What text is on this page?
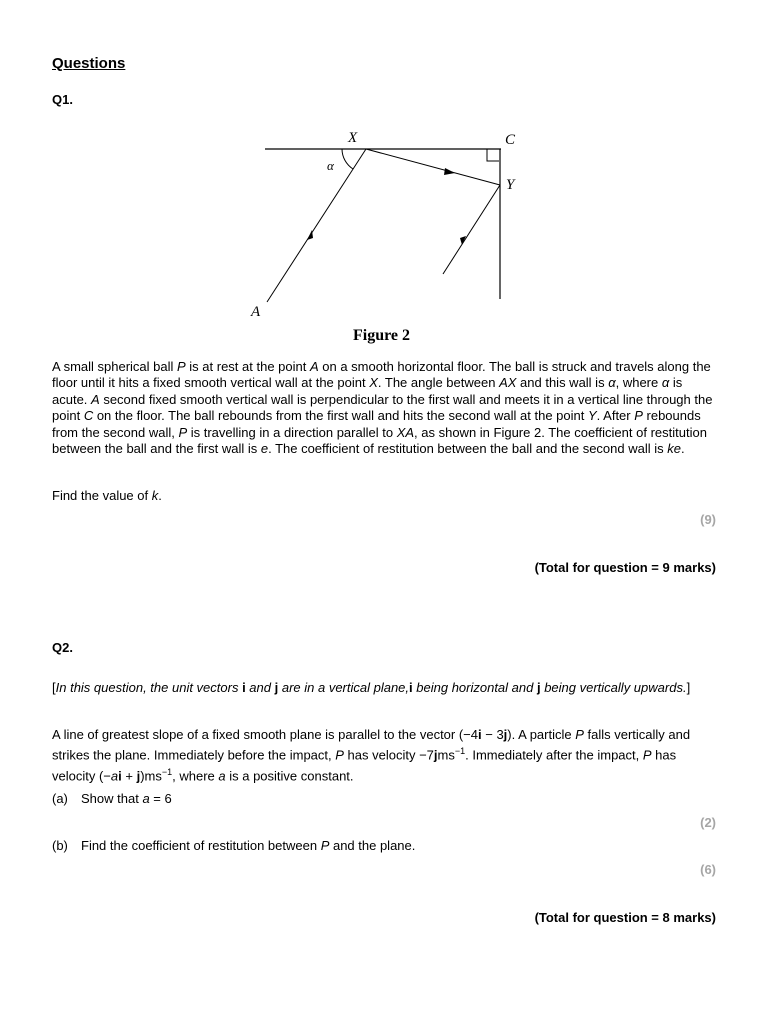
Questions
Q1.
X	C
Y
A
α
Figure 2
A small spherical ball P is at rest at the point A on a smooth horizontal floor. The ball is struck and travels along the floor until it hits a fixed smooth vertical wall at the point X. The angle between AX and this wall is α, where α is acute. A second fixed smooth vertical wall is perpendicular to the first wall and meets it in a vertical line through the point C on the floor. The ball rebounds from the first wall and hits the second wall at the point Y. After P rebounds from the second wall, P is travelling in a direction parallel to XA, as shown in Figure 2. The coefficient of restitution between the ball and the first wall is e. The coefficient of restitution between the ball and the second wall is ke.
Find the value of k.
(9)
(Total for question = 9 marks)
Q2.
[In this question, the unit vectors i and j are in a vertical plane,i being horizontal and j being vertically upwards.]
A line of greatest slope of a fixed smooth plane is parallel to the vector (−4i − 3j). A particle P falls vertically and strikes the plane. Immediately before the impact, P has velocity −7jms$^{-1}$. Immediately after the impact, P has velocity $(-ai + j)ms^{-1}$, where a is a positive constant.
(a) Show that a = 6
(2)
(b) Find the coefficient of restitution between P and the plane.
(6)
(Total for question = 8 marks)
